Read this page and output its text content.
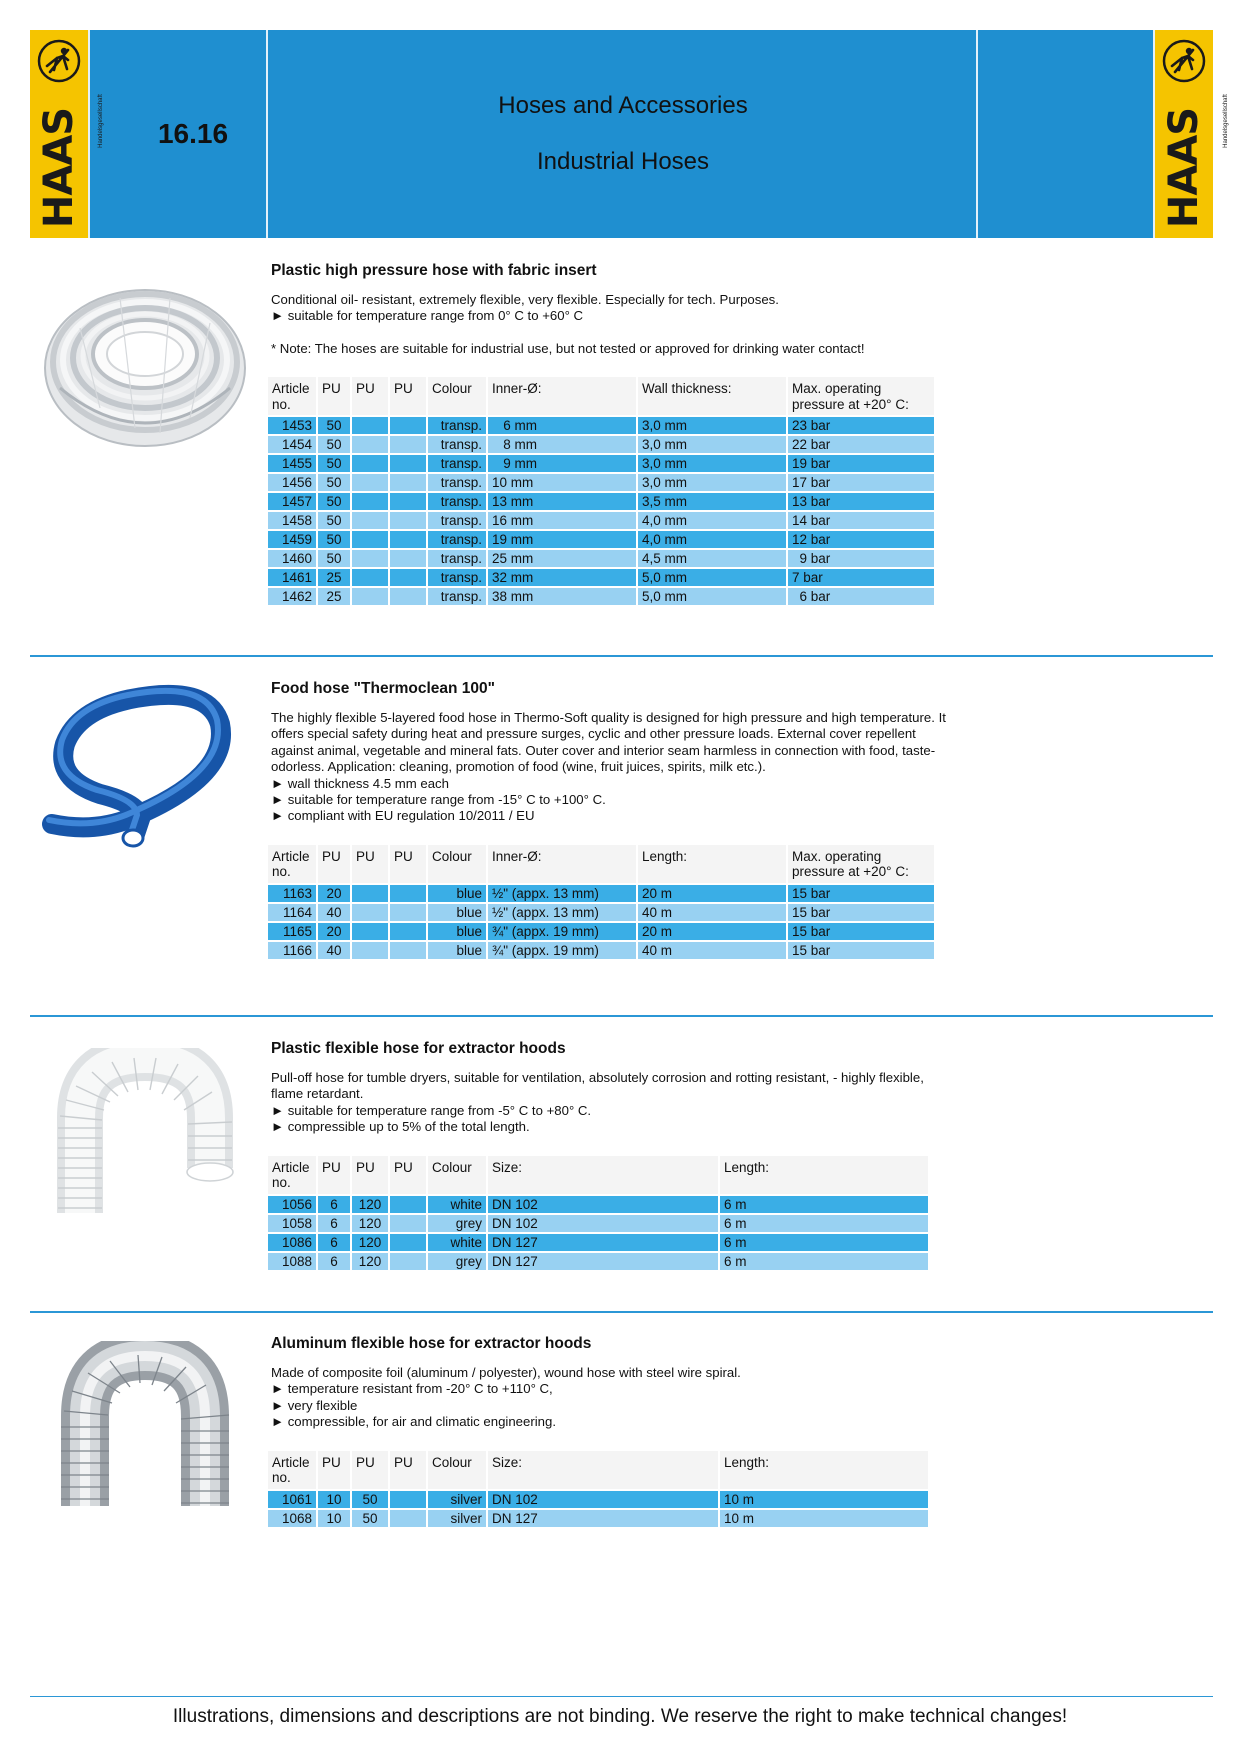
HAAS	Handelsgesellschaft	16.16
Hoses and Accessories
Industrial Hoses	HAAS	Handelsgesellschaft
Plastic high pressure hose with fabric insert
Conditional oil- resistant, extremely flexible, very flexible. Especially for tech. Purposes.
► suitable for temperature range from 0° C to +60° C

* Note: The hoses are suitable for industrial use, but not tested or approved for drinking water contact!

Article no.	PU	PU	PU	Colour	Inner-Ø:	Wall thickness:	Max. operating pressure at +20° C:
1453	50			transp.	6 mm	3,0 mm	23 bar
1454	50			transp.	8 mm	3,0 mm	22 bar
1455	50			transp.	9 mm	3,0 mm	19 bar
1456	50			transp.	10 mm	3,0 mm	17 bar
1457	50			transp.	13 mm	3,5 mm	13 bar
1458	50			transp.	16 mm	4,0 mm	14 bar
1459	50			transp.	19 mm	4,0 mm	12 bar
1460	50			transp.	25 mm	4,5 mm	9 bar
1461	25			transp.	32 mm	5,0 mm	7 bar
1462	25			transp.	38 mm	5,0 mm	6 bar
Food hose "Thermoclean 100"
The highly flexible 5-layered food hose in Thermo-Soft quality is designed for high pressure and high temperature. It offers special safety during heat and pressure surges, cyclic and other pressure loads. External cover repellent against animal, vegetable and mineral fats. Outer cover and interior seam harmless in connection with food, taste- odorless. Application: cleaning, promotion of food (wine, fruit juices, spirits, milk etc.).
► wall thickness 4.5 mm each
► suitable for temperature range from -15° C to +100° C.
► compliant with EU regulation 10/2011 / EU
Article no.	PU	PU	PU	Colour	Inner-Ø:	Length:	Max. operating pressure at +20° C:
1163	20			blue	½" (appx. 13 mm)	20 m	15 bar
1164	40			blue	½" (appx. 13 mm)	40 m	15 bar
1165	20			blue	¾" (appx. 19 mm)	20 m	15 bar
1166	40			blue	¾" (appx. 19 mm)	40 m	15 bar
Plastic flexible hose for extractor hoods
Pull-off hose for tumble dryers, suitable for ventilation, absolutely corrosion and rotting resistant, - highly flexible, flame retardant.
► suitable for temperature range from -5° C to +80° C.
► compressible up to 5% of the total length.
Article no.	PU	PU	PU	Colour	Size:	Length:
1056	6	120		white	DN 102	6 m
1058	6	120		grey	DN 102	6 m
1086	6	120		white	DN 127	6 m
1088	6	120		grey	DN 127	6 m
Aluminum flexible hose for extractor hoods
Made of composite foil (aluminum / polyester), wound hose with steel wire spiral.
► temperature resistant from -20° C to +110° C,
► very flexible
► compressible, for air and climatic engineering.
Article no.	PU	PU	PU	Colour	Size:	Length:
1061	10	50		silver	DN 102	10 m
1068	10	50		silver	DN 127	10 m
Illustrations, dimensions and descriptions are not binding. We reserve the right to make technical changes!
